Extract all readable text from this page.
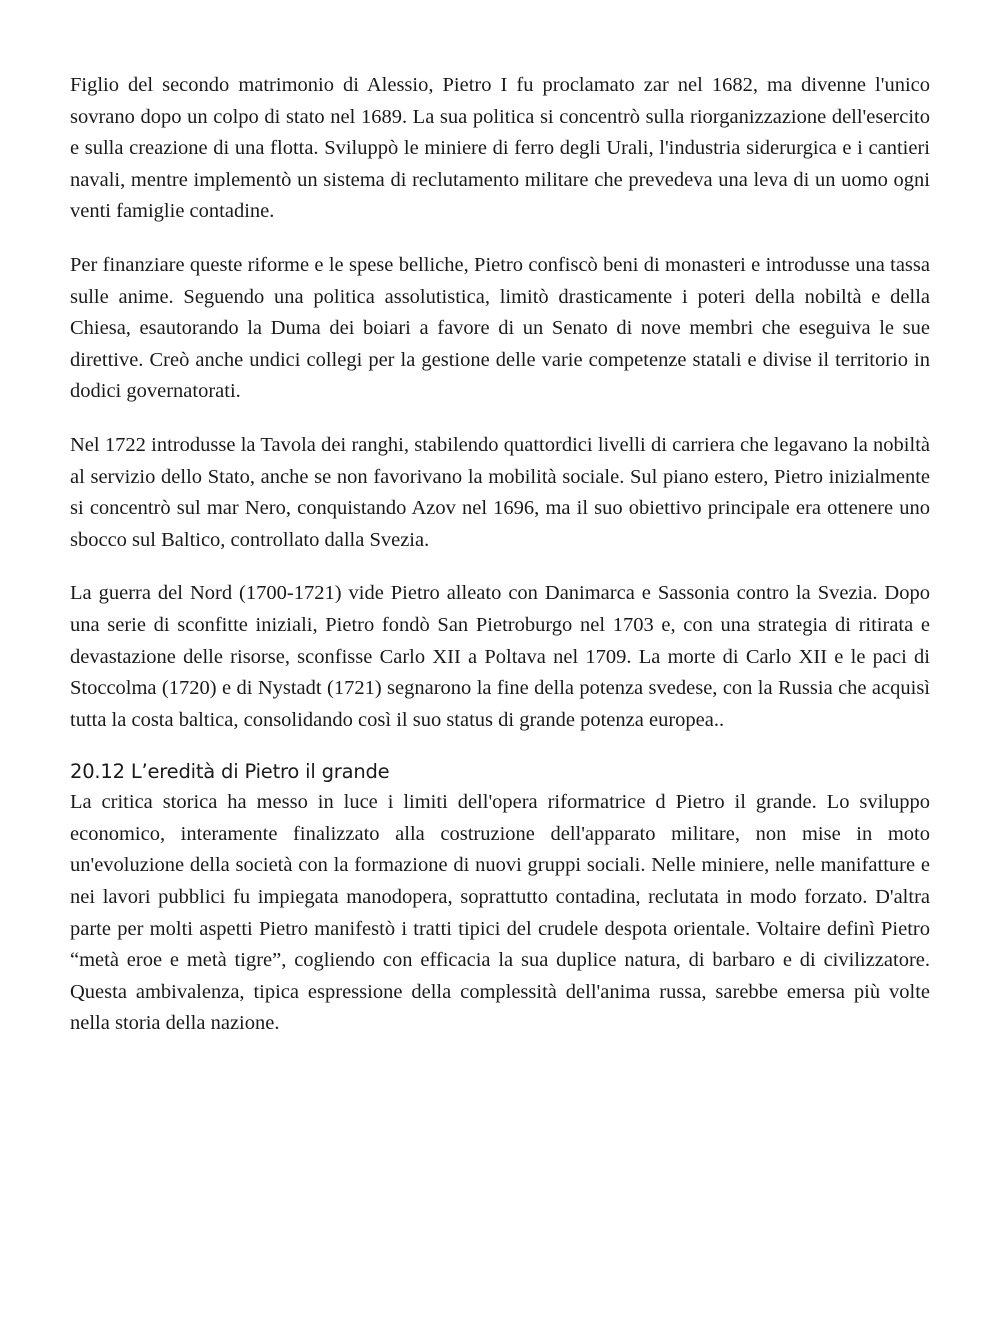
Figlio del secondo matrimonio di Alessio, Pietro I fu proclamato zar nel 1682, ma divenne l'unico sovrano dopo un colpo di stato nel 1689. La sua politica si concentrò sulla riorganizzazione dell'esercito e sulla creazione di una flotta. Sviluppò le miniere di ferro degli Urali, l'industria siderurgica e i cantieri navali, mentre implementò un sistema di reclutamento militare che prevedeva una leva di un uomo ogni venti famiglie contadine.

Per finanziare queste riforme e le spese belliche, Pietro confiscò beni di monasteri e introdusse una tassa sulle anime. Seguendo una politica assolutistica, limitò drasticamente i poteri della nobiltà e della Chiesa, esautorando la Duma dei boiari a favore di un Senato di nove membri che eseguiva le sue direttive. Creò anche undici collegi per la gestione delle varie competenze statali e divise il territorio in dodici governatorati.

Nel 1722 introdusse la Tavola dei ranghi, stabilendo quattordici livelli di carriera che legavano la nobiltà al servizio dello Stato, anche se non favorivano la mobilità sociale. Sul piano estero, Pietro inizialmente si concentrò sul mar Nero, conquistando Azov nel 1696, ma il suo obiettivo principale era ottenere uno sbocco sul Baltico, controllato dalla Svezia.

La guerra del Nord (1700-1721) vide Pietro alleato con Danimarca e Sassonia contro la Svezia. Dopo una serie di sconfitte iniziali, Pietro fondò San Pietroburgo nel 1703 e, con una strategia di ritirata e devastazione delle risorse, sconfisse Carlo XII a Poltava nel 1709. La morte di Carlo XII e le paci di Stoccolma (1720) e di Nystadt (1721) segnarono la fine della potenza svedese, con la Russia che acquisì tutta la costa baltica, consolidando così il suo status di grande potenza europea..

20.12 L’eredità di Pietro il grande

La critica storica ha messo in luce i limiti dell'opera riformatrice d Pietro il grande. Lo sviluppo economico, interamente finalizzato alla costruzione dell'apparato militare, non mise in moto un'evoluzione della società con la formazione di nuovi gruppi sociali. Nelle miniere, nelle manifatture e nei lavori pubblici fu impiegata manodopera, soprattutto contadina, reclutata in modo forzato. D'altra parte per molti aspetti Pietro manifestò i tratti tipici del crudele despota orientale. Voltaire definì Pietro “metà eroe e metà tigre”, cogliendo con efficacia la sua duplice natura, di barbaro e di civilizzatore. Questa ambivalenza, tipica espressione della complessità dell'anima russa, sarebbe emersa più volte nella storia della nazione.
